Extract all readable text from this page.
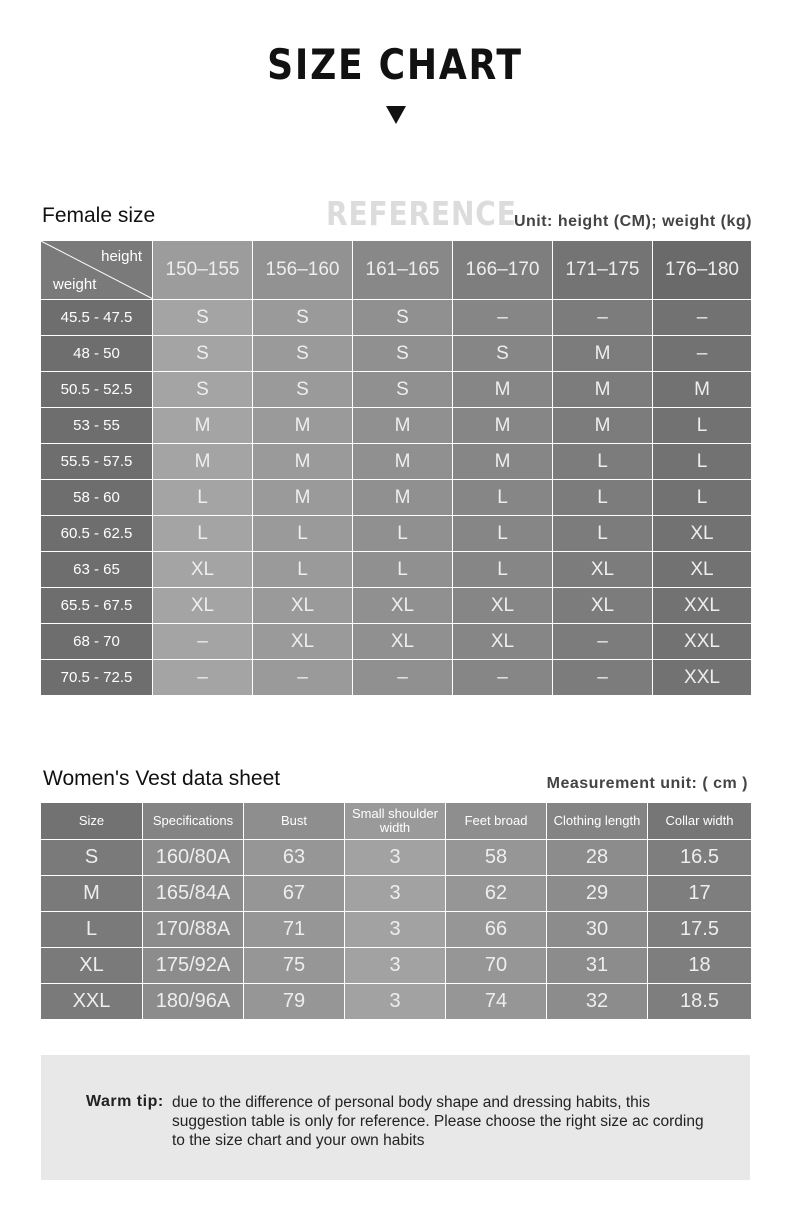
SIZE CHART
Female size	REFERENCE
Unit: height (CM); weight (kg)
height
weight	150–155	156–160	161–165	166–170	171–175	176–180
45.5 - 47.5	S	S	S	–	–	–
48 - 50	S	S	S	S	M	–
50.5 - 52.5	S	S	S	M	M	M
53 - 55	M	M	M	M	M	L
55.5 - 57.5	M	M	M	M	L	L
58 - 60	L	M	M	L	L	L
60.5 - 62.5	L	L	L	L	L	XL
63 - 65	XL	L	L	L	XL	XL
65.5 - 67.5	XL	XL	XL	XL	XL	XXL
68 - 70	–	XL	XL	XL	–	XXL
70.5 - 72.5	–	–	–	–	–	XXL
Women's Vest data sheet	Measurement unit: ( cm )
Size	Specifications	Bust	Small shoulder width	Feet broad	Clothing length	Collar width
S	160/80A	63	3	58	28	16.5
M	165/84A	67	3	62	29	17
L	170/88A	71	3	66	30	17.5
XL	175/92A	75	3	70	31	18
XXL	180/96A	79	3	74	32	18.5
Warm tip: due to the difference of personal body shape and dressing habits, this suggestion table is only for reference. Please choose the right size ac cording to the size chart and your own habits
